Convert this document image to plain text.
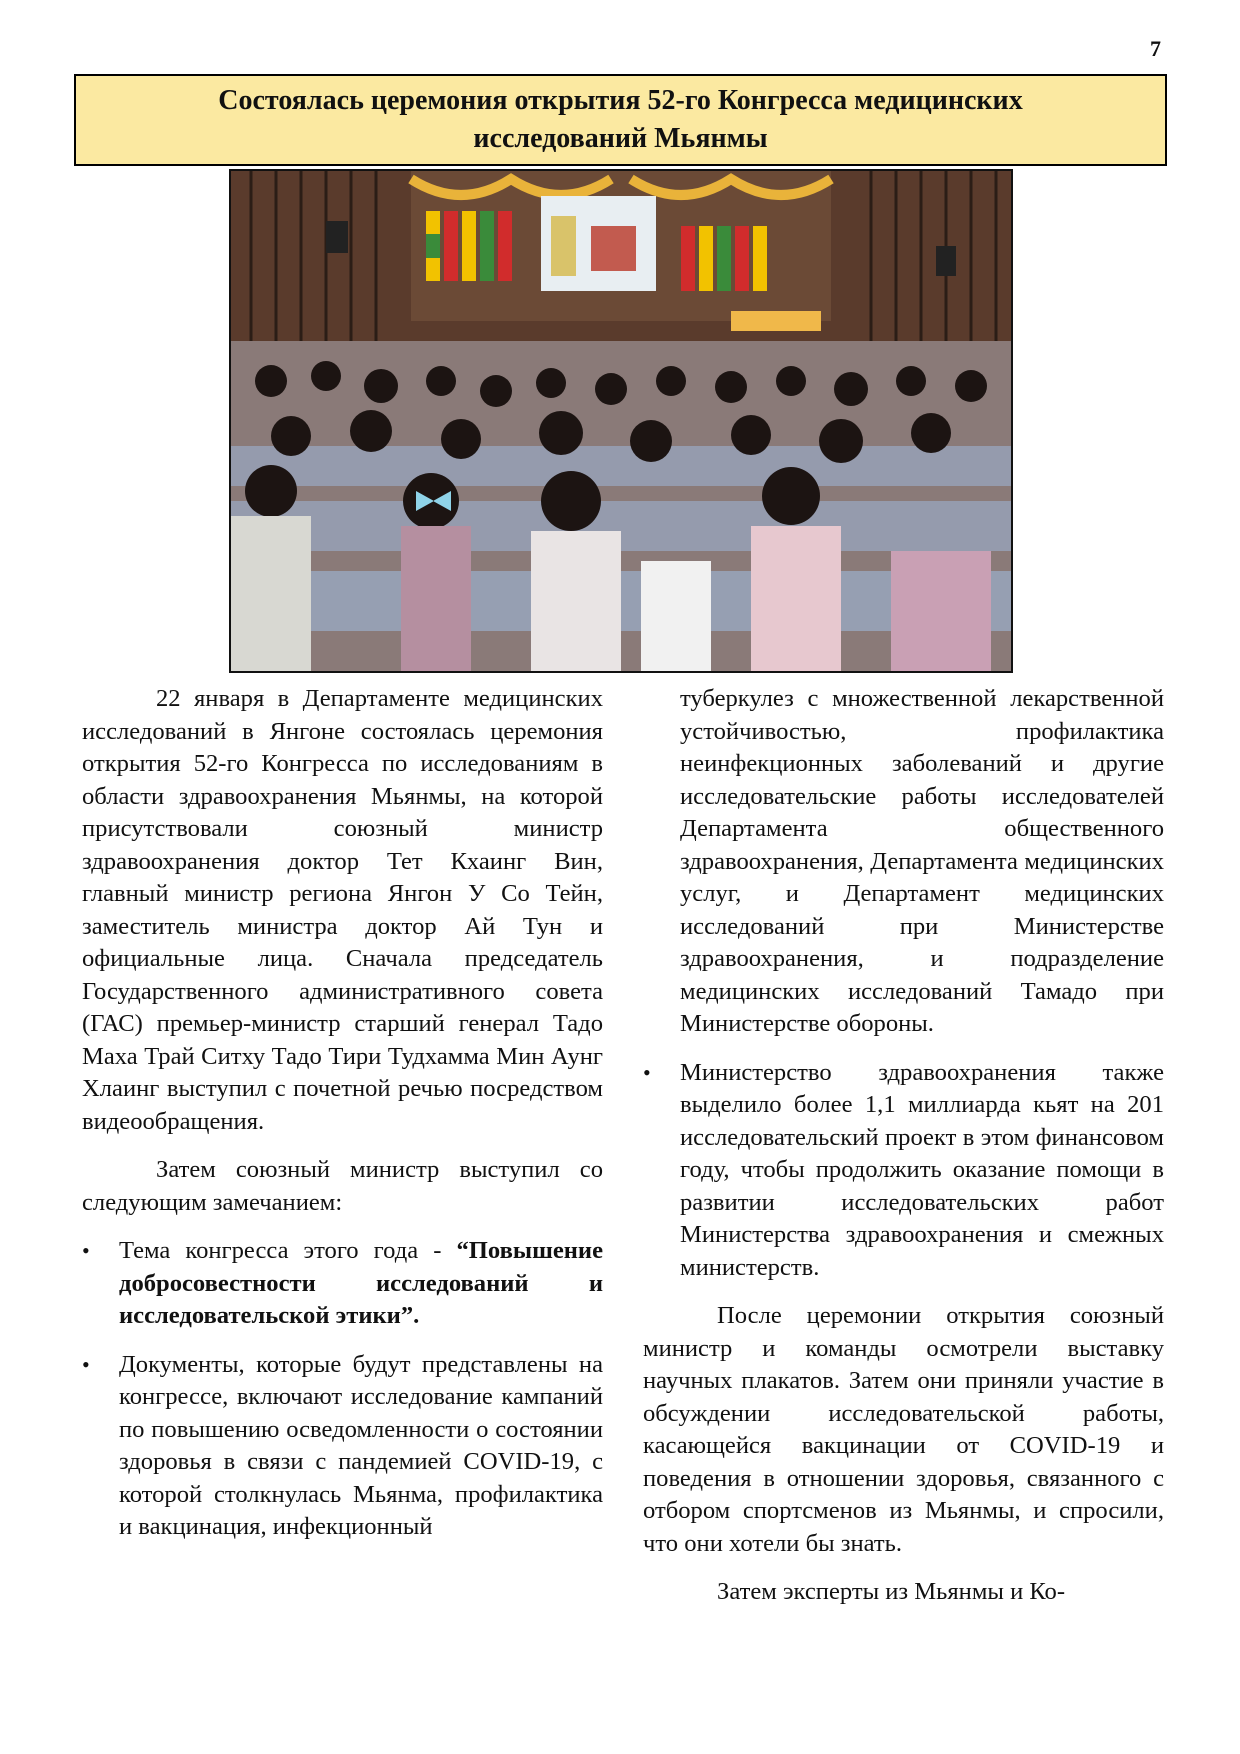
7
Состоялась церемония открытия 52-го Конгресса медицинских
исследований Мьянмы

22 января в Департаменте медицинских исследований в Янгоне состоялась церемония открытия 52-го Конгресса по исследованиям в области здравоохранения Мьянмы, на которой присутствовали союзный министр здравоохранения доктор Тет Кхаинг Вин, главный министр региона Янгон У Со Тейн, заместитель министра доктор Ай Тун и официальные лица. Сначала председатель Государственного административного совета (ГАС) премьер-министр старший генерал Тадо Маха Трай Ситху Тадо Тири Тудхамма Мин Аунг Хлаинг выступил с почетной речью посредством видеообращения.

Затем союзный министр выступил со следующим замечанием:

• Тема конгресса этого года - “Повышение добросовестности исследований и исследовательской этики”.
• Документы, которые будут представлены на конгрессе, включают исследование кампаний по повышению осведомленности о состоянии здоровья в связи с пандемией COVID-19, с которой столкнулась Мьянма, профилактика и вакцинация, инфекционный

туберкулез с множественной лекарственной устойчивостью, профилактика неинфекционных заболеваний и другие исследовательские работы исследователей Департамента общественного здравоохранения, Департамента медицинских услуг, и Департамент медицинских исследований при Министерстве здравоохранения, и подразделение медицинских исследований Тамадо при Министерстве обороны.

• Министерство здравоохранения также выделило более 1,1 миллиарда кьят на 201 исследовательский проект в этом финансовом году, чтобы продолжить оказание помощи в развитии исследовательских работ Министерства здравоохранения и смежных министерств.

После церемонии открытия союзный министр и команды осмотрели выставку научных плакатов. Затем они приняли участие в обсуждении исследовательской работы, касающейся вакцинации от COVID-19 и поведения в отношении здоровья, связанного с отбором спортсменов из Мьянмы, и спросили, что они хотели бы знать.

Затем эксперты из Мьянмы и Ко-
